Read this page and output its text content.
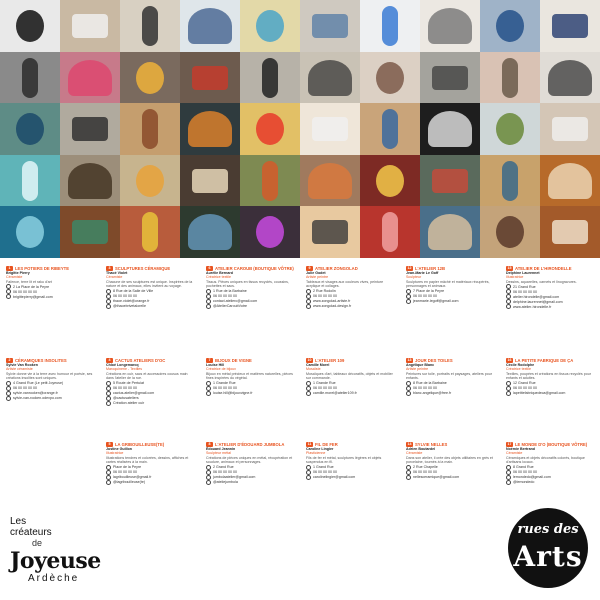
1	LES POTIERS DE RIBEYTE
Brigitte Pierry
Céramiste
Faïence, terre lit et raku d'art
2 La Place de la Peyre
06 00 00 00 00
brigittepierry@gmail.com
2	CÉRAMIQUES INSOLITES
Sylvie Van Rooken
Artiste céramiste
Sylvie donne vie à la terre avec humour et poésie, ses créations insolites sont uniques.
4 Grand Rue (Le petit Joyeuse)
06 00 00 00 00
sylvie.vanrooken@orange.fr
sylvie-van-rooken.odexpo.com
3	SCULPTURES CÉRAMIQUE
Thaoé Violet
Céramiste
Chacune de ses sculptures est unique. Inspirées de la nature et des animaux, elles invitent au voyage.
8 Rue de la Salle de Ville
06 00 00 00 00
thaoe.violet@orange.fr
@thaoebrivetalorelle
4	CACTUS ATELIERS D'OC
Chloé Longemarcq
Maroquinerie - Textiles
Créations en cuir, sacs et accessoires cousus main dans l'atelier de la rue.
5 Route de Pertuiat
06 00 00 00 00
cactus.atelier@gmail.com
@cactusateliers
Création atelier cuir
5	LA GRIBOUILLEUSE(TE)
Justine Guillon
Illustratrice
Illustrations tendres et colorées, dessins, affiches et cartes réalisées à la main.
Place de la Peyre
06 00 00 00 00
lagribouilleuse@gmail.fr
@lagribouilleuse(te)
6	ATELIER CAROUB (BOUTIQUE VÔTRE)
Aurélie Bernard
Créatrice textile
Tissus. Pièces uniques en tissus recyclés, coussins, pochettes et sacs.
1 Rue de la Barbaine
06 00 00 00 00
contact.atelierc@gmail.com
@AtelierCaroubVotre
7	BIJOUX DE VIGNE
Louise Hill
Créatrice de bijoux
Bijoux en métal précieux et matières naturelles, pièces fines inspirées du végétal.
1 Grande Rue
06 00 00 00 00
louise.hill@bijouxvigne.fr
8	L'ATELIER D'ÉDOUARD JUMBOLA
Édouard Jeannin
Sculpteur métal
Créations de pièces uniques en métal, récupération et soudure, animaux et personnages.
2 Grand Rue
06 00 00 00 00
jumbolaatelier@gmail.com
@ateliejumbola
9	ATELIER ZONGOLAD
Julie Godet
Artiste peintre
Tableaux et visages aux couleurs vives, peinture acrylique et collages.
2 Rue Rodolin
06 00 00 00 00
www.zongolad-artiste.fr
www.zongolad-design.fr
10 L'ATELIER 109
Camille Morel
Mosaïste
Mosaïques d'art, tableaux décoratifs, objets et mobilier sur commande.
1 Grande Rue
06 00 00 00 00
camille.morel@atelier109.fr
11 FIL DE FER
Caroline Lingier
Plasticienne
Fils de fer et métal, sculptures légères et objets suspendus en fil.
1 Grand Rue
06 00 00 00 00
carolinelingier@gmail.com
12 L'ATELIER 12B
Jean-Marie Le Goff
Sculpteur
Sculptures en papier mâché et matériaux récupérés, personnages et animaux.
7 Place de la Peyre
06 00 00 00 00
jeanmarie.legoff@gmail.com
13 JOUR DES TOILES
Angélique Blanc
Artiste peintre
Peintures sur toile, portraits et paysages, ateliers pour enfants.
8 Rue de la Barbaine
06 00 00 00 00
blanc.angelique@free.fr
14 SYLVIE NELLES
Adrien Boutardel
Céramiste
Dans son atelier, il crée des objets utilitaires en grès et porcelaine, tournés à la main.
2 Rue Chapelle
06 00 00 00 00
nellesceramique@gmail.com
15 ATELIER DE L'HIRONDELLE
Delphine Laurennet
Illustratrice
Dessins, aquarelles, carnets et linogravures.
21 Grand Rue
06 00 00 00 00
atelier.hirondelle@gmail.com
delphine.laurennet@gmail.com
www.atelier-hirondelle.fr
16 LA PETITE FABRIQUE DE ÇA
Cécile Rodolphe
Créatrice textile
Textiles, poupées et créations en tissus recyclés pour enfants et adultes.
12 Grand Rue
06 00 00 00 00
lapetitefabriquedeca@gmail.com
17 LE MONDE D'O (BOUTIQUE VÔTRE)
Noémie Bertrand
Céramiste
Céramiques et objets décoratifs colorés, boutique d'artisans locaux.
8 Grand Rue
06 00 00 00 00
lemondedo@gmail.com
@lemondedo
Les
créateurs
de
Joyeuse
Ardèche
rues des
Arts
